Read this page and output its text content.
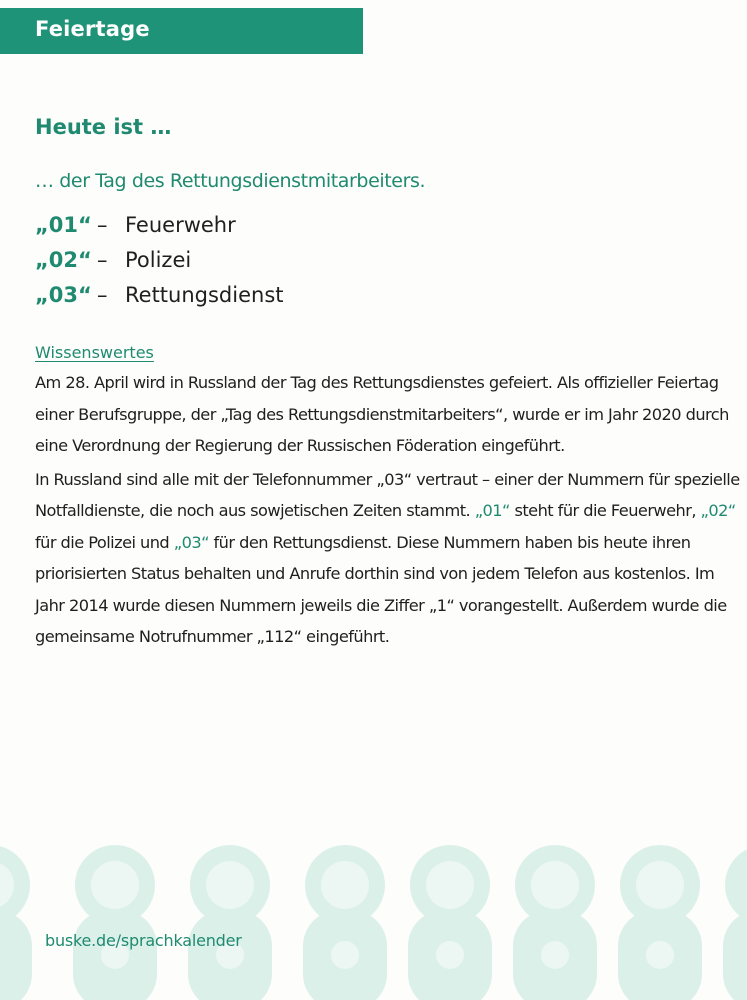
Feiertage
Heute ist …
… der Tag des Rettungsdienstmitarbeiters.
„01“ – Feuerwehr
„02“ – Polizei
„03“ – Rettungsdienst
Wissenswertes

Am 28. April wird in Russland der Tag des Rettungsdienstes gefeiert. Als offizieller Feiertag einer Berufsgruppe, der „Tag des Rettungsdienstmitarbeiters“, wurde er im Jahr 2020 durch eine Verordnung der Regierung der Russischen Föderation eingeführt.

In Russland sind alle mit der Telefonnummer „03“ vertraut – einer der Nummern für spezielle Notfalldienste, die noch aus sowjetischen Zeiten stammt. „01“ steht für die Feuerwehr, „02“ für die Polizei und „03“ für den Rettungsdienst. Diese Nummern haben bis heute ihren priorisierten Status behalten und Anrufe dorthin sind von jedem Telefon aus kostenlos. Im Jahr 2014 wurde diesen Nummern jeweils die Ziffer „1“ vorangestellt. Außerdem wurde die gemeinsame Notrufnummer „112“ eingeführt.

buske.de/sprachkalender
